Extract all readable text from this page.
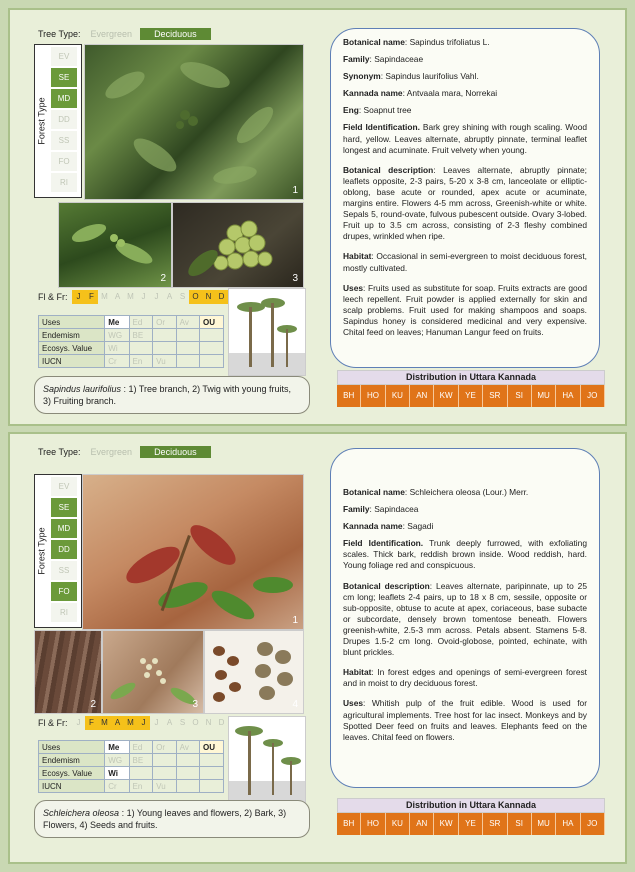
Tree Type: Evergreen	Deciduous
Forest Type
EV
SE
MD
DD
SS
FO
RI
1
2	3
Fl & Fr:	J	F M A M J	J	A S O N D
Uses	Me	Ed	Or	Av	OU
Endemism	WG	BE			
Ecosys. Value	Wi				
IUCN	Cr	En	Vu		
Sapindus laurifolius : 1) Tree branch, 2) Twig with young fruits, 3) Fruiting branch.

Botanical name: Sapindus trifoliatus L.

Family: Sapindaceae

Synonym: Sapindus laurifolius Vahl.

Kannada name: Antvaala mara, Norrekai

Eng: Soapnut tree

Field Identification. Bark grey shining with rough scaling. Wood hard, yellow. Leaves alternate, abruptly pinnate, terminal leaflet longest and acuminate. Fruit velvety when young.

Botanical description: Leaves alternate, abruptly pinnate; leaflets opposite, 2-3 pairs, 5-20 x 3-8 cm, lanceolate or elliptic-oblong, base acute or rounded, apex acute or acuminate, margins entire. Flowers 4-5 mm across, Greenish-white or white. Sepals 5, round-ovate, fulvous pubescent outside. Ovary 3-lobed. Fruit up to 3.5 cm across, consisting of 2-3 fleshy combined drupes, wrinkled when ripe.

Habitat: Occasional in semi-evergreen to moist deciduous forest, mostly cultivated.

Uses: Fruits used as substitute for soap. Fruits extracts are good leech repellent. Fruit powder is applied externally for skin and scalp problems. Fruit used for making shampoos and soaps. Sapindus honey is considered medicinal and very expensive. Chital feed on leaves; Hanuman Langur feed on fruits.

Distribution in Uttara Kannada
BH	HO	KU	AN	KW	YE	SR	SI	MU	HA	JO
Tree Type: Evergreen	Deciduous
Forest Type
EV
SE
MD
DD
SS
FO
RI
1
2	3	4
Fl & Fr:	J	F M A M J	J	A S O N D
Uses	Me	Ed	Or	Av	OU
Endemism	WG	BE			
Ecosys. Value	Wi				
IUCN	Cr	En	Vu		
Schleichera oleosa : 1) Young leaves and flowers, 2) Bark, 3) Flowers, 4) Seeds and fruits.

Botanical name: Schleichera oleosa (Lour.) Merr.

Family: Sapindacea

Kannada name: Sagadi

Field Identification. Trunk deeply furrowed, with exfoliating scales. Thick bark, reddish brown inside. Wood reddish, hard. Young foliage red and conspicuous.

Botanical description: Leaves alternate, paripinnate, up to 25 cm long; leaflets 2-4 pairs, up to 18 x 8 cm, sessile, opposite or sub-opposite, obtuse to acute at apex, coriaceous, base subacte or subcordate, densely brown tomentose beneath. Flowers greenish-white, 2.5-3 mm across. Petals absent. Stamens 5-8. Drupes 1.5-2 cm long. Ovoid-globose, pointed, echinate, with blunt prickles.

Habitat: In forest edges and openings of semi-evergreen forest and in moist to dry deciduous forest.

Uses: Whitish pulp of the fruit edible. Wood is used for agricultural implements. Tree host for lac insect. Monkeys and by Spotted Deer feed on fruits and leaves. Elephants feed on the leaves. Chital feed on flowers.

Distribution in Uttara Kannada
BH	HO	KU	AN	KW	YE	SR	SI	MU	HA	JO
